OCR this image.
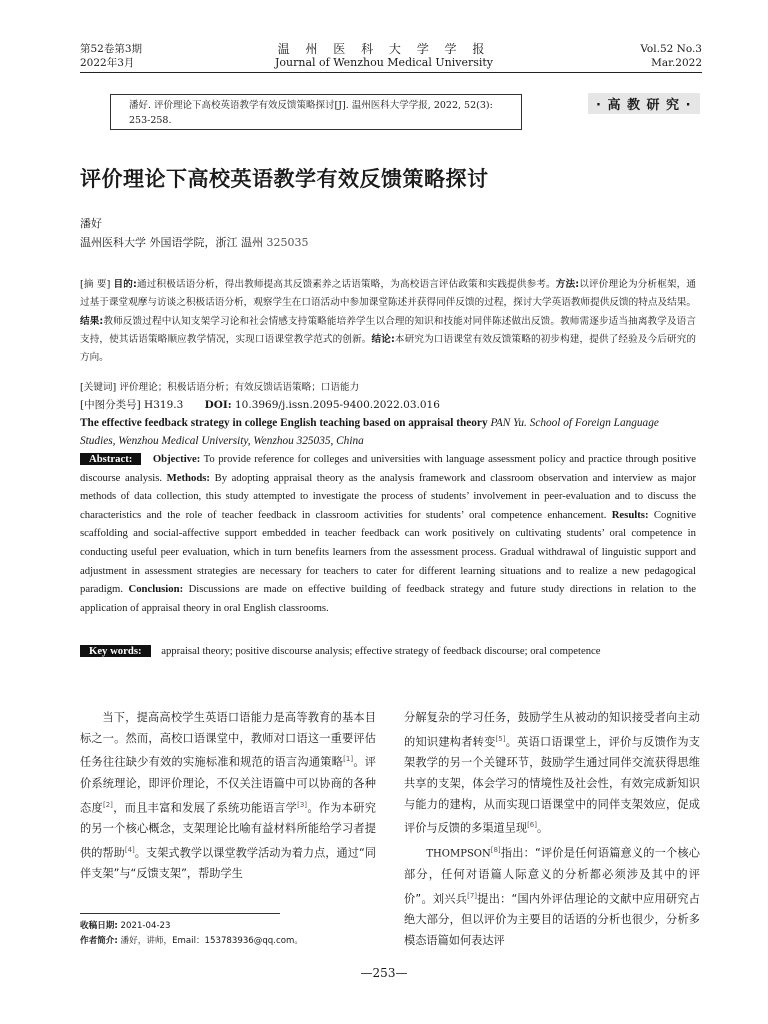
第52卷第3期
2022年3月
温 州 医 科 大 学 学 报
Journal of Wenzhou Medical University
Vol.52 No.3
Mar.2022
潘好. 评价理论下高校英语教学有效反馈策略探讨[J]. 温州医科大学学报, 2022, 52(3): 253-258.
· 高 教 研 究 ·
评价理论下高校英语教学有效反馈策略探讨
潘好
温州医科大学 外国语学院，浙江 温州 325035
[摘 要] 目的:通过积极话语分析，得出教师提高其反馈素养之话语策略，为高校语言评估政策和实践提供参考。方法:以评价理论为分析框架，通过基于课堂观摩与访谈之积极话语分析，观察学生在口语活动中参加课堂陈述并获得同伴反馈的过程，探讨大学英语教师提供反馈的特点及结果。结果:教师反馈过程中认知支架学习论和社会情感支持策略能培养学生以合理的知识和技能对同伴陈述做出反馈。教师需逐步适当抽离教学及语言支持，使其话语策略顺应教学情况，实现口语课堂教学范式的创新。结论:本研究为口语课堂有效反馈策略的初步构建，提供了经验及今后研究的方向。
[关键词] 评价理论；积极话语分析；有效反馈话语策略；口语能力
[中图分类号] H319.3 DOI: 10.3969/j.issn.2095-9400.2022.03.016
The effective feedback strategy in college English teaching based on appraisal theory PAN Yu. School of Foreign Language Studies, Wenzhou Medical University, Wenzhou 325035, China
Abstract: Objective: To provide reference for colleges and universities with language assessment policy and practice through positive discourse analysis. Methods: By adopting appraisal theory as the analysis framework and classroom observation and interview as major methods of data collection, this study attempted to investigate the process of students’ involvement in peer-evaluation and to discuss the characteristics and the role of teacher feedback in classroom activities for students’ oral competence enhancement. Results: Cognitive scaffolding and social-affective support embedded in teacher feedback can work positively on cultivating students’ oral competence in conducting useful peer evaluation, which in turn benefits learners from the assessment process. Gradual withdrawal of linguistic support and adjustment in assessment strategies are necessary for teachers to cater for different learning situations and to realize a new pedagogical paradigm. Conclusion: Discussions are made on effective building of feedback strategy and future study directions in relation to the application of appraisal theory in oral English classrooms.
Key words: appraisal theory; positive discourse analysis; effective strategy of feedback discourse; oral competence

当下，提高高校学生英语口语能力是高等教育的基本目标之一。然而，高校口语课堂中，教师对口语这一重要评估任务往往缺少有效的实施标准和规范的语言沟通策略[1]。评价系统理论，即评价理论，不仅关注语篇中可以协商的各种态度[2]，而且丰富和发展了系统功能语言学[3]。作为本研究的另一个核心概念，支架理论比喻有益材料所能给学习者提供的帮助[4]。支架式教学以课堂教学活动为着力点，通过“同伴支架”与“反馈支架”，帮助学生

分解复杂的学习任务，鼓励学生从被动的知识接受者向主动的知识建构者转变[5]。英语口语课堂上，评价与反馈作为支架教学的另一个关键环节，鼓励学生通过同伴交流获得思维共享的支架，体会学习的情境性及社会性，有效完成新知识与能力的建构，从而实现口语课堂中的同伴支架效应，促成评价与反馈的多渠道呈现[6]。

THOMPSON[8]指出：“评价是任何语篇意义的一个核心部分，任何对语篇人际意义的分析都必须涉及其中的评价”。刘兴兵[7]提出：“国内外评估理论的文献中应用研究占绝大部分，但以评价为主要目的话语的分析也很少，分析多模态语篇如何表达评

收稿日期: 2021-04-23
作者简介: 潘好，讲师，Email：153783936@qq.com。
—253—
